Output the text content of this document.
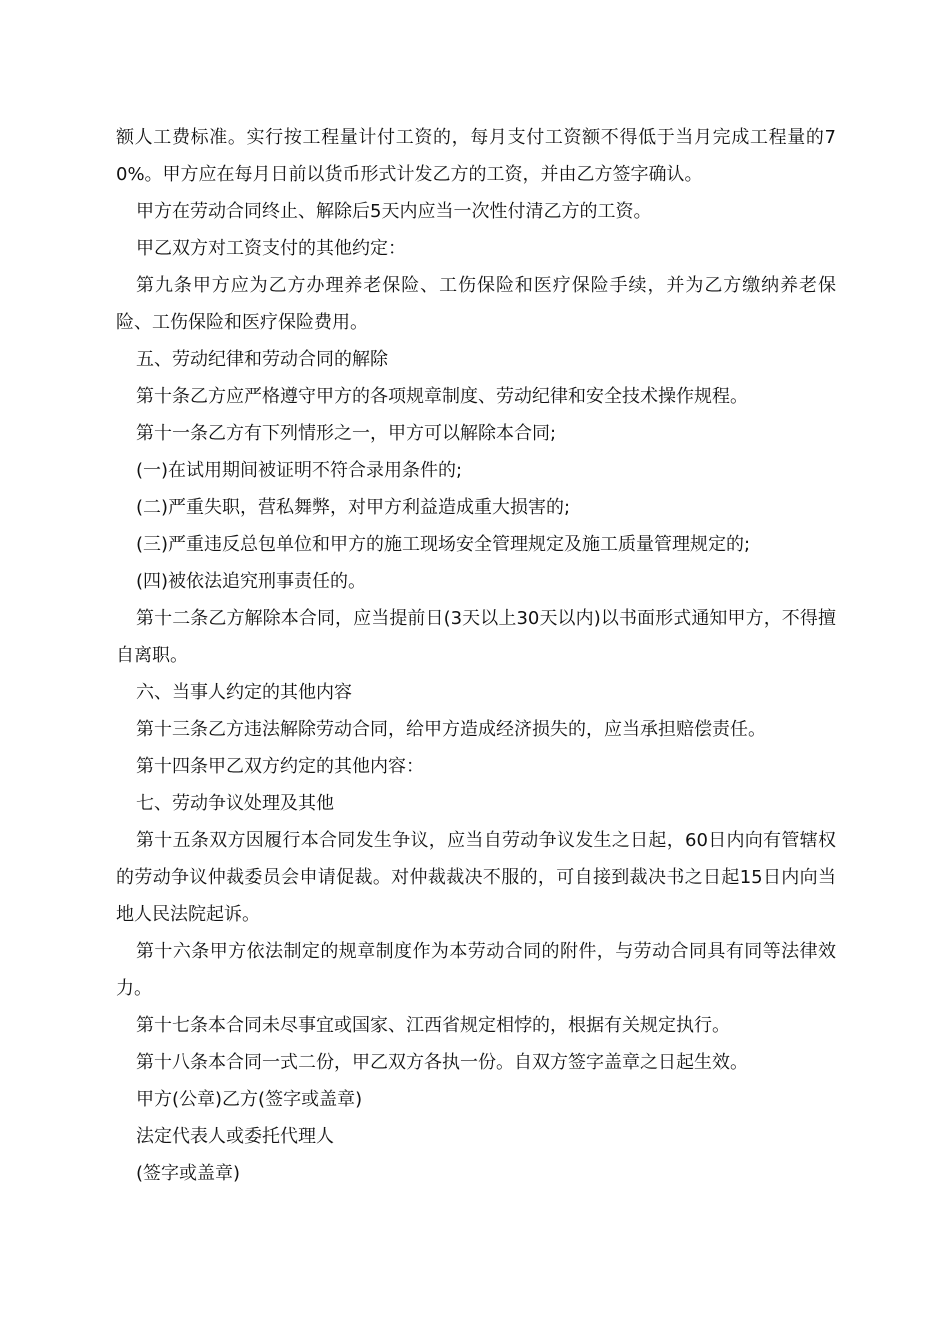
额人工费标准。实行按工程量计付工资的，每月支付工资额不得低于当月完成工程量的70%。甲方应在每月日前以货币形式计发乙方的工资，并由乙方签字确认。

甲方在劳动合同终止、解除后5天内应当一次性付清乙方的工资。

甲乙双方对工资支付的其他约定：

第九条甲方应为乙方办理养老保险、工伤保险和医疗保险手续，并为乙方缴纳养老保险、工伤保险和医疗保险费用。

五、劳动纪律和劳动合同的解除

第十条乙方应严格遵守甲方的各项规章制度、劳动纪律和安全技术操作规程。

第十一条乙方有下列情形之一，甲方可以解除本合同;

(一)在试用期间被证明不符合录用条件的;

(二)严重失职，营私舞弊，对甲方利益造成重大损害的;

(三)严重违反总包单位和甲方的施工现场安全管理规定及施工质量管理规定的;

(四)被依法追究刑事责任的。

第十二条乙方解除本合同，应当提前日(3天以上30天以内)以书面形式通知甲方，不得擅自离职。

六、当事人约定的其他内容

第十三条乙方违法解除劳动合同，给甲方造成经济损失的，应当承担赔偿责任。

第十四条甲乙双方约定的其他内容：

七、劳动争议处理及其他

第十五条双方因履行本合同发生争议，应当自劳动争议发生之日起，60日内向有管辖权的劳动争议仲裁委员会申请促裁。对仲裁裁决不服的，可自接到裁决书之日起15日内向当地人民法院起诉。

第十六条甲方依法制定的规章制度作为本劳动合同的附件，与劳动合同具有同等法律效力。

第十七条本合同未尽事宜或国家、江西省规定相悖的，根据有关规定执行。

第十八条本合同一式二份，甲乙双方各执一份。自双方签字盖章之日起生效。

甲方(公章)乙方(签字或盖章)

法定代表人或委托代理人

(签字或盖章)
